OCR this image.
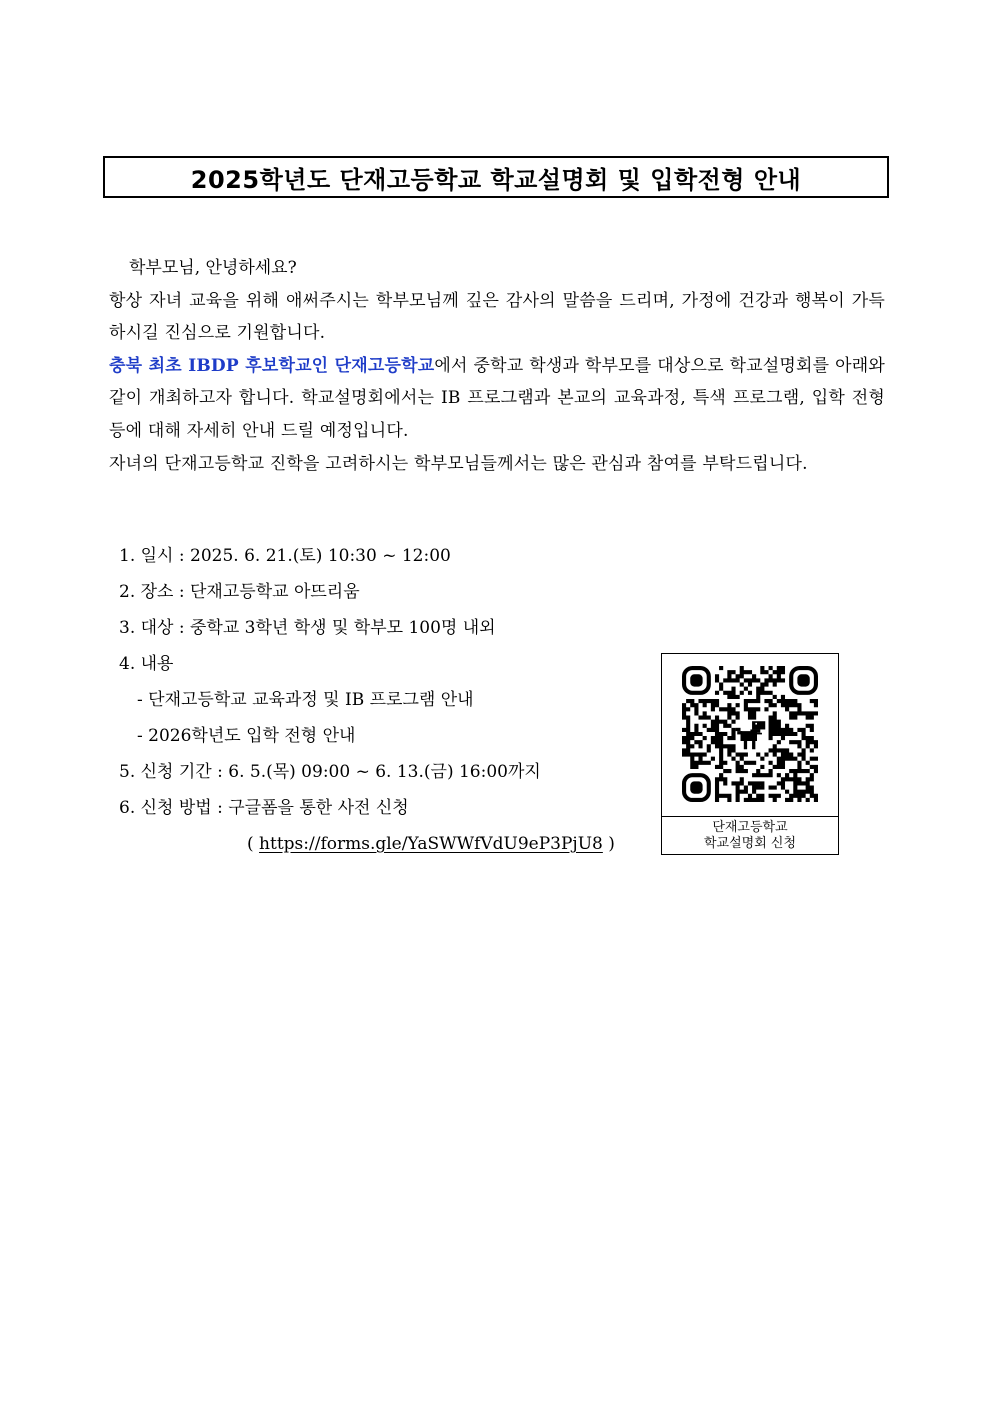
2025학년도 단재고등학교 학교설명회 및 입학전형 안내
학부모님, 안녕하세요?
항상 자녀 교육을 위해 애써주시는 학부모님께 깊은 감사의 말씀을 드리며, 가정에 건강과 행복이 가득하시길 진심으로 기원합니다.
충북 최초 IBDP 후보학교인 단재고등학교에서 중학교 학생과 학부모를 대상으로 학교설명회를 아래와 같이 개최하고자 합니다. 학교설명회에서는 IB 프로그램과 본교의 교육과정, 특색 프로그램, 입학 전형 등에 대해 자세히 안내 드릴 예정입니다.
자녀의 단재고등학교 진학을 고려하시는 학부모님들께서는 많은 관심과 참여를 부탁드립니다.
1. 일시 : 2025. 6. 21.(토) 10:30 ~ 12:00
2. 장소 : 단재고등학교 아뜨리움
3. 대상 : 중학교 3학년 학생 및 학부모 100명 내외
4. 내용
- 단재고등학교 교육과정 및 IB 프로그램 안내
- 2026학년도 입학 전형 안내
5. 신청 기간 : 6. 5.(목) 09:00 ~ 6. 13.(금) 16:00까지
6. 신청 방법 : 구글폼을 통한 사전 신청
( https://forms.gle/YaSWWfVdU9eP3PjU8 )
단재고등학교
학교설명회 신청
